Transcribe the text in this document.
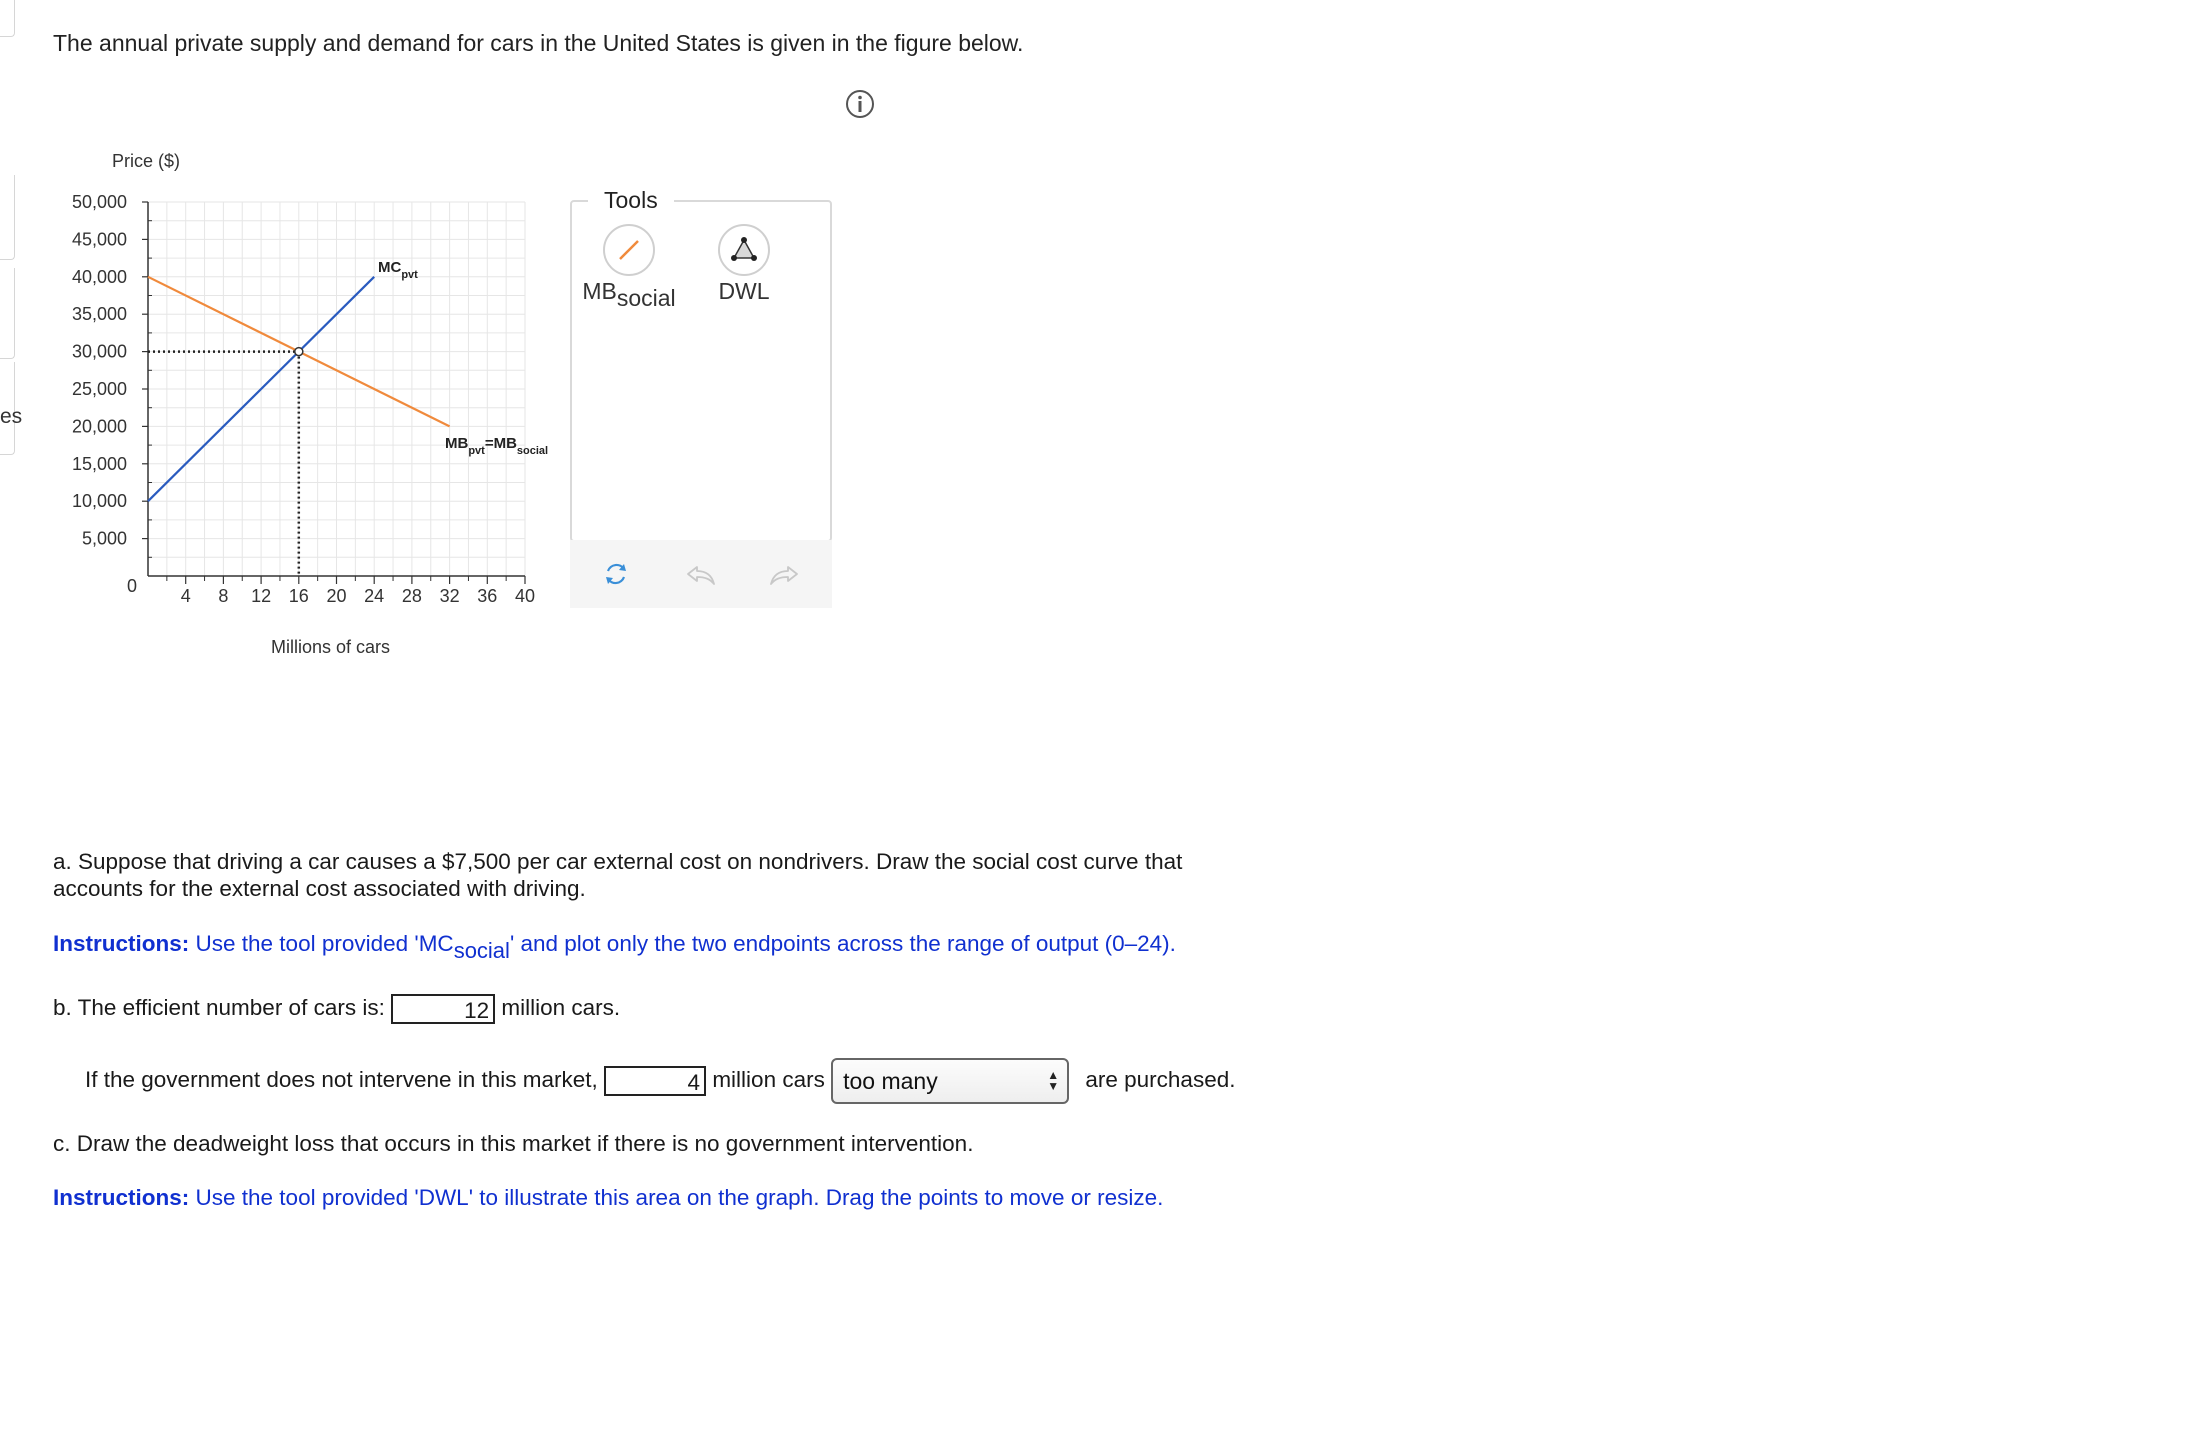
es
The annual private supply and demand for cars in the United States is given in the figure below.
50,000
45,000
40,000
35,000
30,000
25,000
20,000
15,000
10,000
5,000
4 8 12 16 20 24 28 32 36 40
Price ($)
Millions of cars
0
$MC_{pvt}$
$MB_{pvt}=MB_{social}$
MBsocial	DWL
Tools
a. Suppose that driving a car causes a $7,500 per car external cost on nondrivers. Draw the social cost curve that
accounts for the external cost associated with driving.
Instructions: Use the tool provided 'MCsocial' and plot only the two endpoints across the range of output (0–24).
b. The efficient number of cars is:	12 million cars.
If the government does not intervene in this market,	4 million cars too many	▲
▼ are purchased.
c. Draw the deadweight loss that occurs in this market if there is no government intervention.
Instructions: Use the tool provided 'DWL' to illustrate this area on the graph. Drag the points to move or resize.
